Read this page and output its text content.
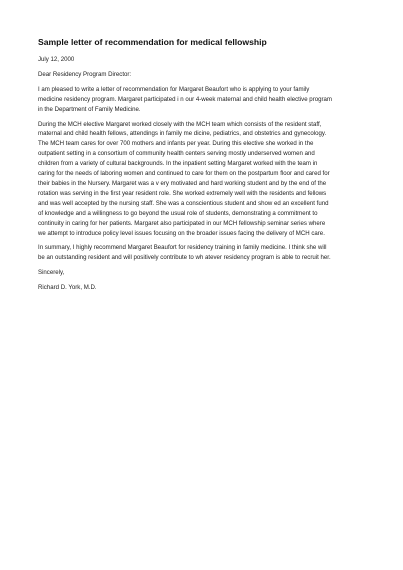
Sample letter of recommendation for medical fellowship
July 12, 2000
Dear Residency Program Director:
I am pleased to write a letter of recommendation for Margaret Beaufort who is applying to your family
medicine residency program. Margaret participated i n our 4-week maternal and child health elective program
in the Department of Family Medicine.
During the MCH elective Margaret worked closely with the MCH team which consists of the resident staff,
maternal and child health fellows, attendings in family me dicine, pediatrics, and obstetrics and gynecology.
The MCH team cares for over 700 mothers and infants per year. During this elective she worked in the
outpatient setting in a consortium of community health centers serving mostly underserved women and
children from a variety of cultural backgrounds. In the inpatient setting Margaret worked with the team in
caring for the needs of laboring women and continued to care for them on the postpartum floor and cared for
their babies in the Nursery. Margaret was a v ery motivated and hard working student and by the end of the
rotation was serving in the first year resident role. She worked extremely well with the residents and fellows
and was well accepted by the nursing staff. She was a conscientious student and show ed an excellent fund
of knowledge and a willingness to go beyond the usual role of students, demonstrating a commitment to
continuity in caring for her patients. Margaret also participated in our MCH fellowship seminar series where
we attempt to introduce policy level issues focusing on the broader issues facing the delivery of MCH care.
In summary, I highly recommend Margaret Beaufort for residency training in family medicine. I think she will
be an outstanding resident and will positively contribute to wh atever residency program is able to recruit her.
Sincerely,
Richard D. York, M.D.
